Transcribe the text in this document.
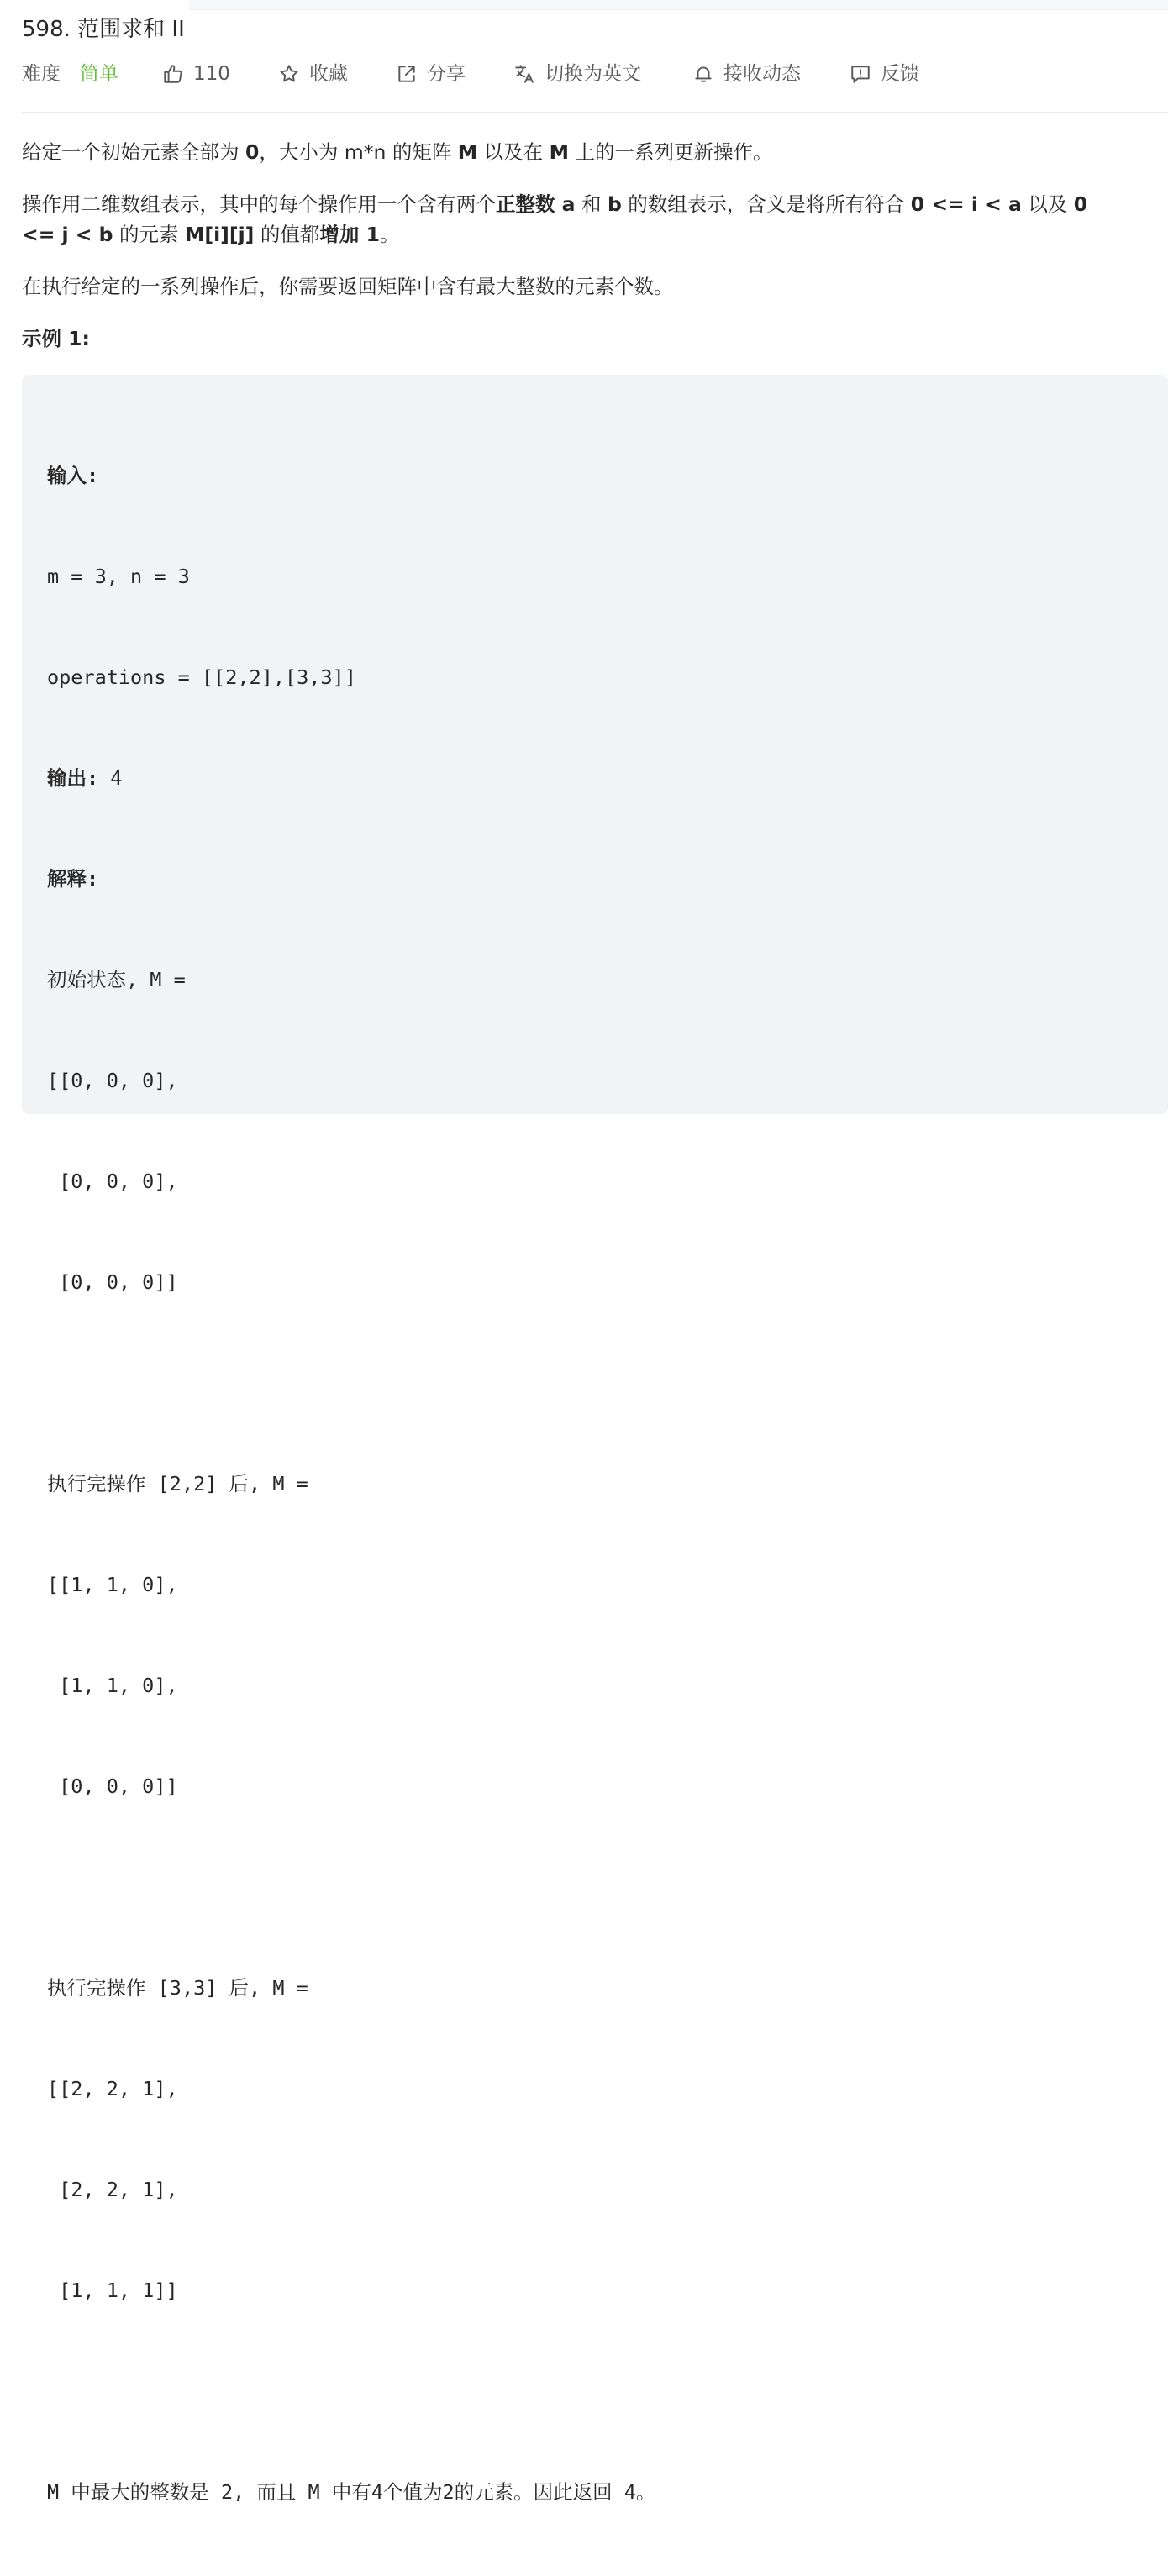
598. 范围求和 II
难度 简单	110	收藏	分享	切换为英文	接收动态	反馈
给定一个初始元素全部为 0，大小为 m*n 的矩阵 M 以及在 M 上的一系列更新操作。
操作用二维数组表示，其中的每个操作用一个含有两个正整数 a 和 b 的数组表示，含义是将所有符合 0 <= i < a 以及 0
<= j < b 的元素 M[i][j] 的值都增加 1。
在执行给定的一系列操作后，你需要返回矩阵中含有最大整数的元素个数。
示例 1:

输入:

m = 3, n = 3

operations = [[2,2],[3,3]]

输出: 4

解释:

初始状态, M =

[[0, 0, 0],

[0, 0, 0],

[0, 0, 0]]

执行完操作 [2,2] 后, M =

[[1, 1, 0],

[1, 1, 0],

[0, 0, 0]]

执行完操作 [3,3] 后, M =

[[2, 2, 1],

[2, 2, 1],

[1, 1, 1]]

M 中最大的整数是 2, 而且 M 中有4个值为2的元素。因此返回 4。
